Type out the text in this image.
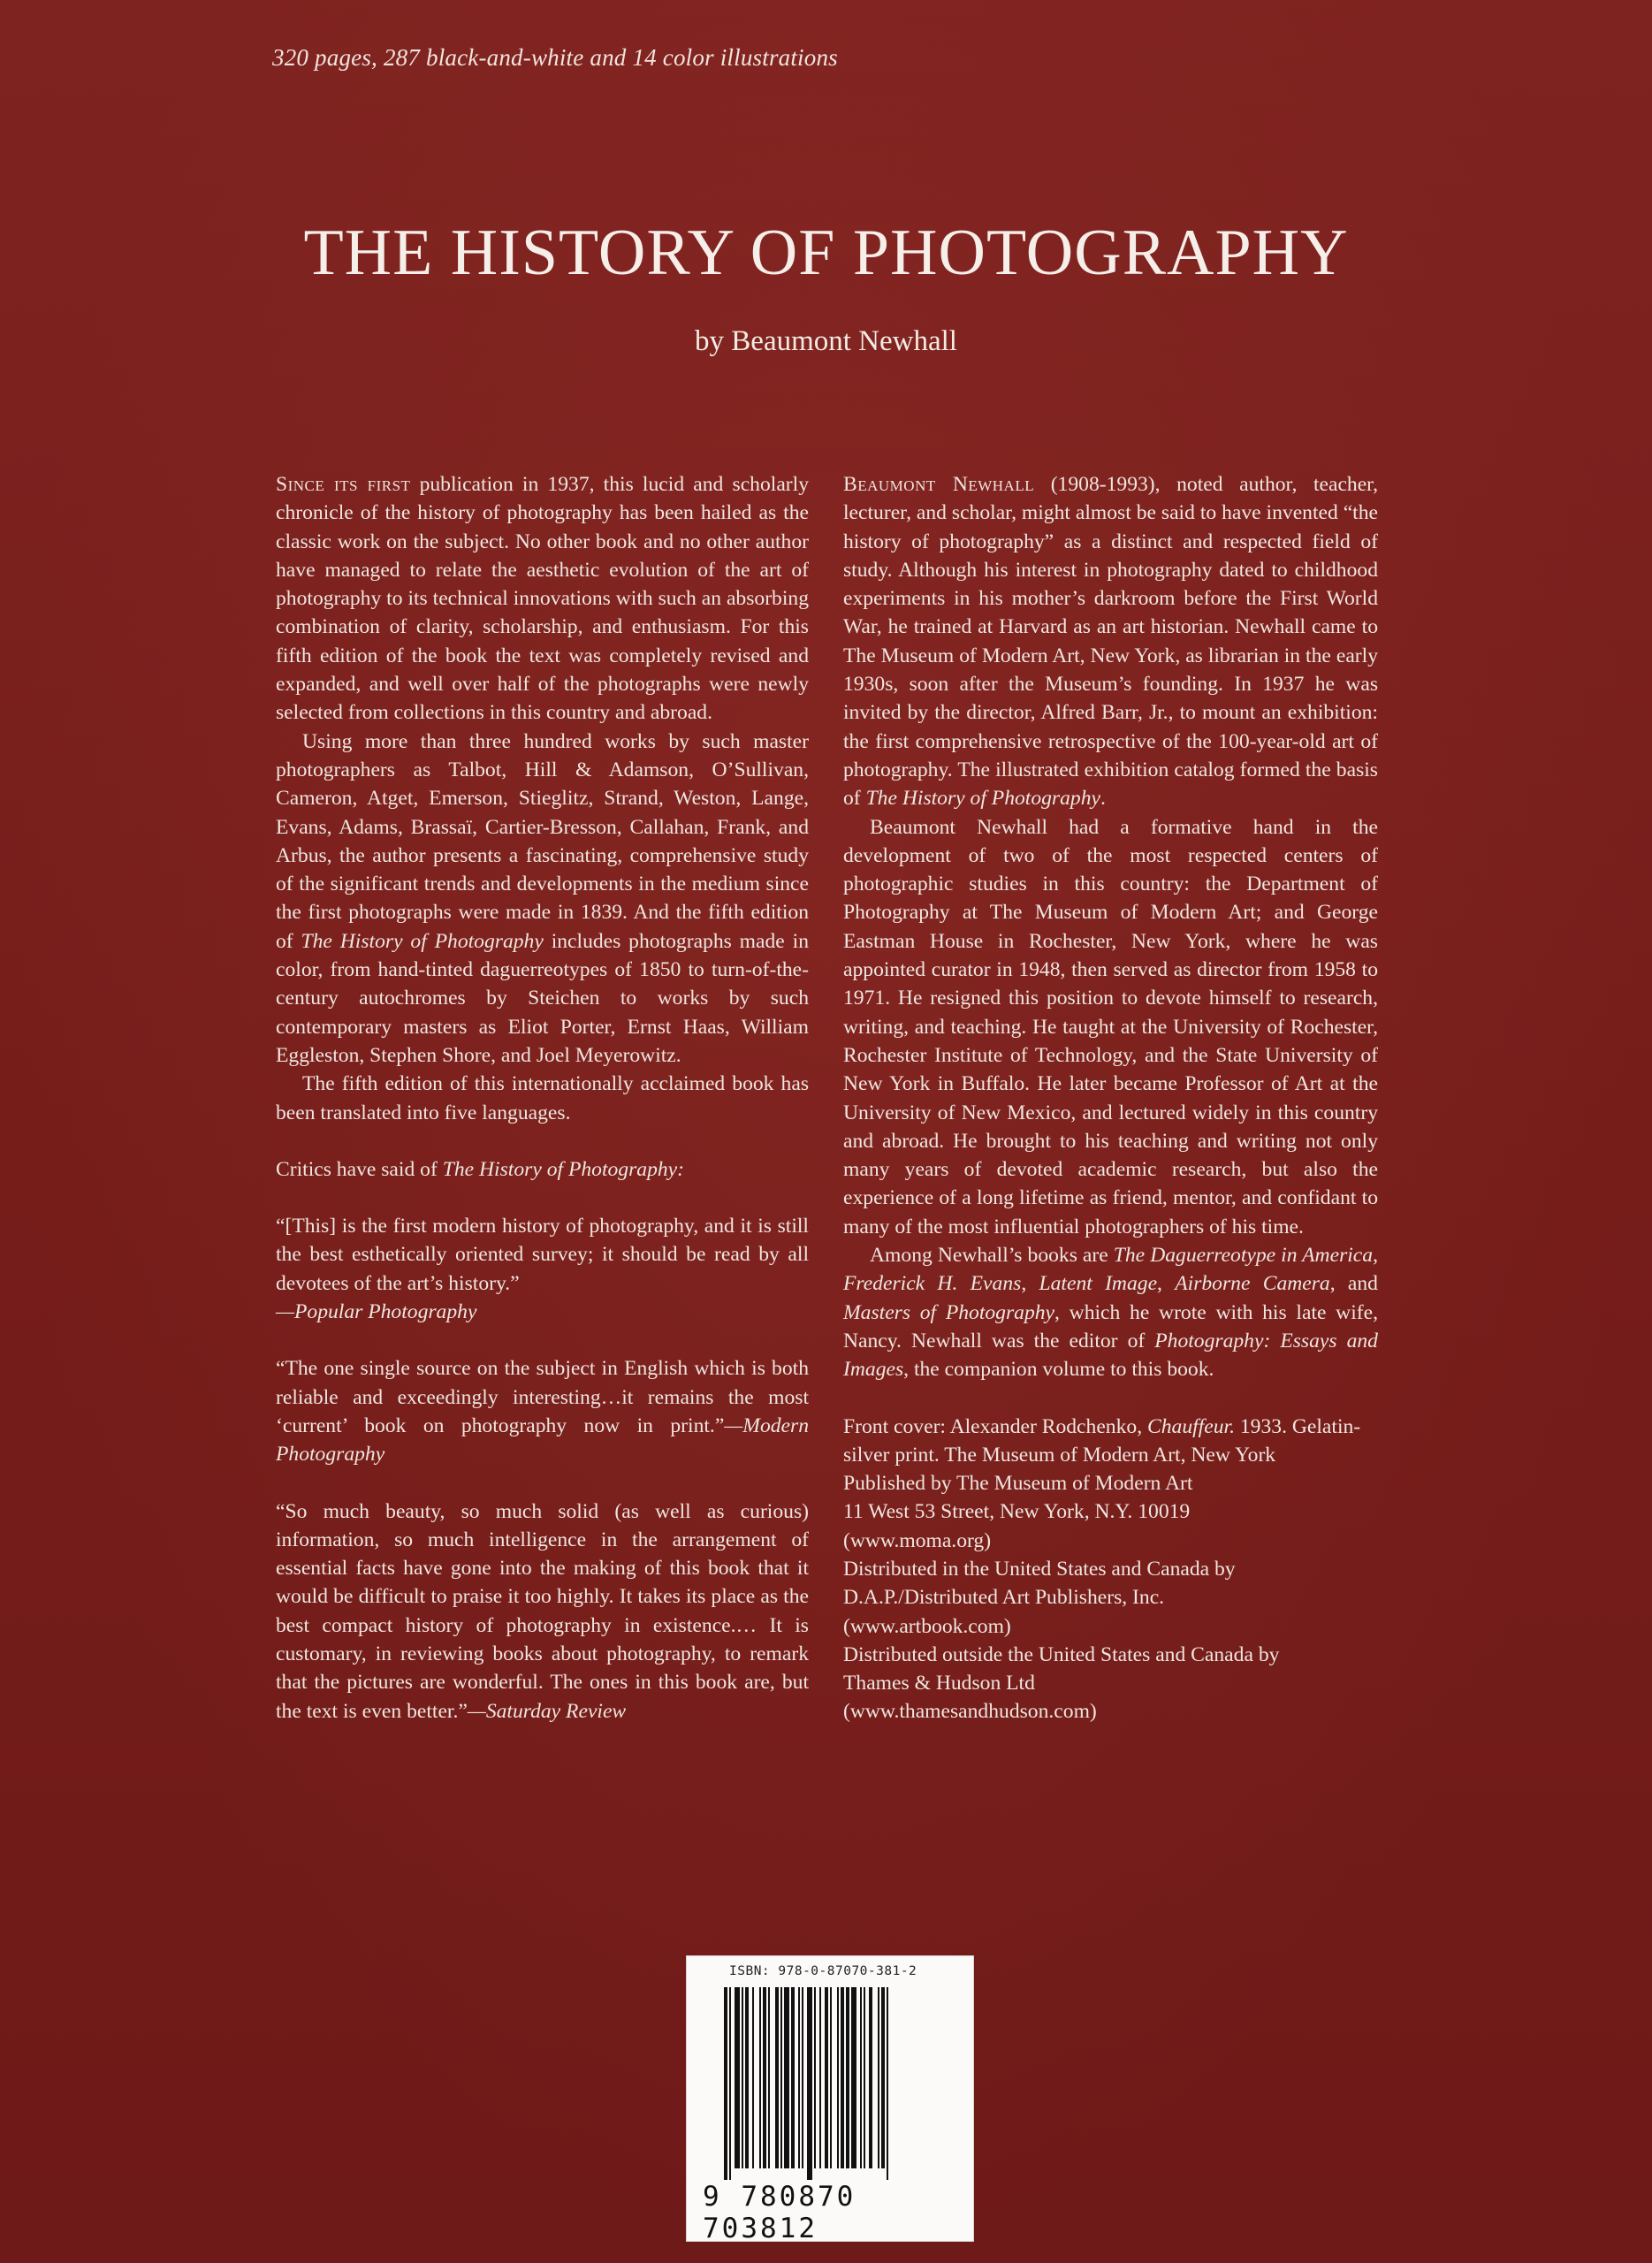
320 pages, 287 black-and-white and 14 color illustrations
THE HISTORY OF PHOTOGRAPHY
by Beaumont Newhall

Since its first publication in 1937, this lucid and scholarly chronicle of the history of photography has been hailed as the classic work on the subject. No other book and no other author have managed to relate the aesthetic evolution of the art of photography to its technical innovations with such an absorbing combination of clarity, scholarship, and enthusiasm. For this fifth edition of the book the text was completely revised and expanded, and well over half of the photographs were newly selected from collections in this country and abroad.

Using more than three hundred works by such master photographers as Talbot, Hill & Adamson, O’Sullivan, Cameron, Atget, Emerson, Stieglitz, Strand, Weston, Lange, Evans, Adams, Brassaï, Cartier-Bresson, Callahan, Frank, and Arbus, the author presents a fascinating, comprehensive study of the significant trends and developments in the medium since the first photographs were made in 1839. And the fifth edition of The History of Photography includes photographs made in color, from hand-tinted daguerreotypes of 1850 to turn-of-the-century autochromes by Steichen to works by such contemporary masters as Eliot Porter, Ernst Haas, William Eggleston, Stephen Shore, and Joel Meyerowitz.

The fifth edition of this internationally acclaimed book has been translated into five languages.

Critics have said of The History of Photography:

“[This] is the first modern history of photography, and it is still the best esthetically oriented survey; it should be read by all devotees of the art’s history.”
—Popular Photography

“The one single source on the subject in English which is both reliable and exceedingly interesting…it remains the most ‘current’ book on photography now in print.”—Modern Photography

“So much beauty, so much solid (as well as curious) information, so much intelligence in the arrangement of essential facts have gone into the making of this book that it would be difficult to praise it too highly. It takes its place as the best compact history of photography in existence.… It is customary, in reviewing books about photography, to remark that the pictures are wonderful. The ones in this book are, but the text is even better.”—Saturday Review

Beaumont Newhall (1908-1993), noted author, teacher, lecturer, and scholar, might almost be said to have invented “the history of photography” as a distinct and respected field of study. Although his interest in photography dated to childhood experiments in his mother’s darkroom before the First World War, he trained at Harvard as an art historian. Newhall came to The Museum of Modern Art, New York, as librarian in the early 1930s, soon after the Museum’s founding. In 1937 he was invited by the director, Alfred Barr, Jr., to mount an exhibition: the first comprehensive retrospective of the 100-year-old art of photography. The illustrated exhibition catalog formed the basis of The History of Photography.

Beaumont Newhall had a formative hand in the development of two of the most respected centers of photographic studies in this country: the Department of Photography at The Museum of Modern Art; and George Eastman House in Rochester, New York, where he was appointed curator in 1948, then served as director from 1958 to 1971. He resigned this position to devote himself to research, writing, and teaching. He taught at the University of Rochester, Rochester Institute of Technology, and the State University of New York in Buffalo. He later became Professor of Art at the University of New Mexico, and lectured widely in this country and abroad. He brought to his teaching and writing not only many years of devoted academic research, but also the experience of a long lifetime as friend, mentor, and confidant to many of the most influential photographers of his time.

Among Newhall’s books are The Daguerreotype in America, Frederick H. Evans, Latent Image, Airborne Camera, and Masters of Photography, which he wrote with his late wife, Nancy. Newhall was the editor of Photography: Essays and Images, the companion volume to this book.

Front cover: Alexander Rodchenko, Chauffeur. 1933. Gelatin-silver print. The Museum of Modern Art, New York

Published by The Museum of Modern Art

11 West 53 Street, New York, N.Y. 10019

(www.moma.org)

Distributed in the United States and Canada by

D.A.P./Distributed Art Publishers, Inc.

(www.artbook.com)

Distributed outside the United States and Canada by

Thames & Hudson Ltd

(www.thamesandhudson.com)

ISBN: 978-0-87070-381-2
9 780870 703812
